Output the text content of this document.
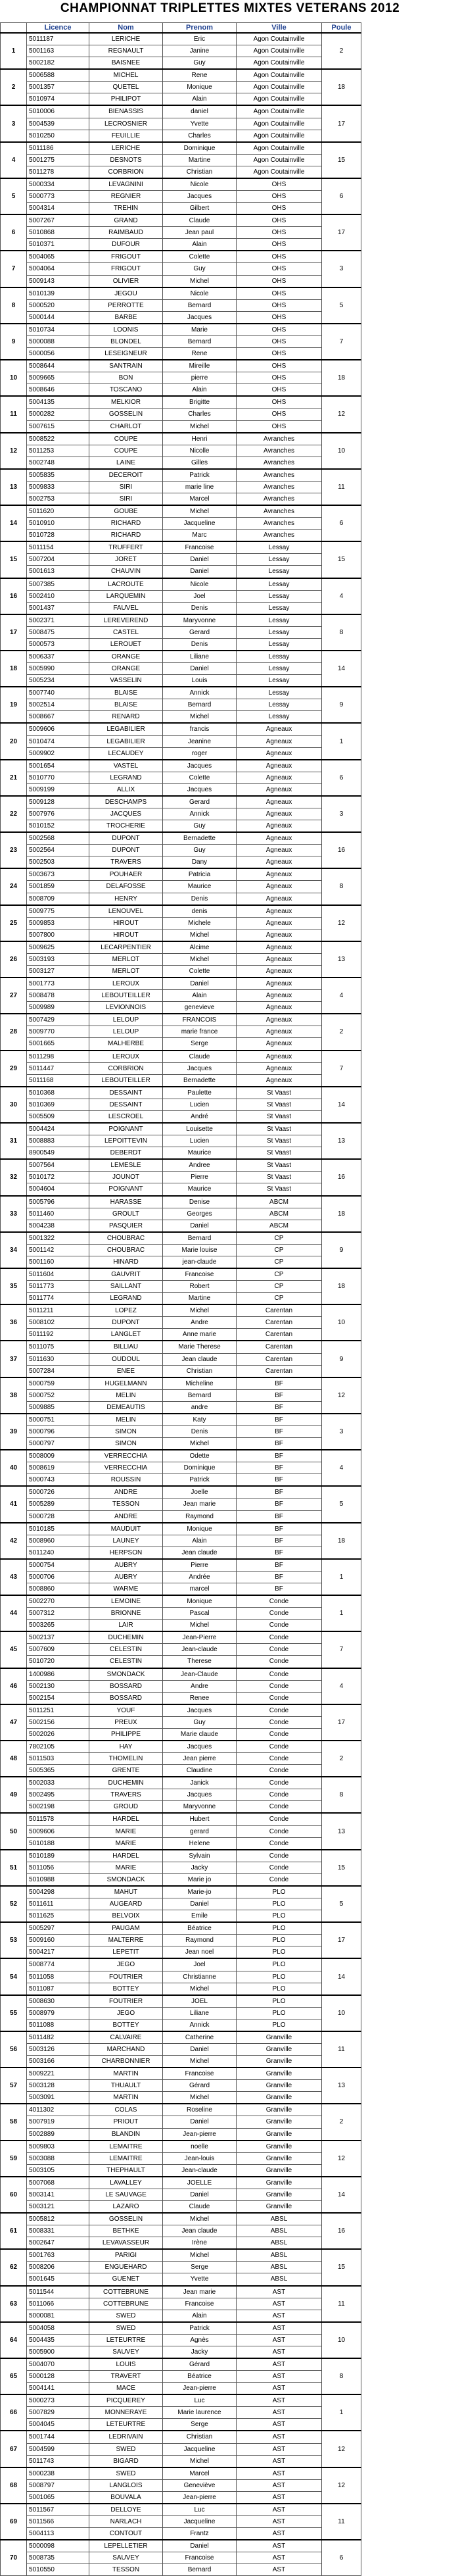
CHAMPIONNAT TRIPLETTES MIXTES VETERANS 2012
	Licence	Nom	Prenom	Ville	Poule	
1	5011187	LERICHE	Eric	Agon Coutainville	2	
	5001163	REGNAULT	Janine	Agon Coutainville		
	5002182	BAISNEE	Guy	Agon Coutainville		
2	5006588	MICHEL	Rene	Agon Coutainville	18	
	5001357	QUETEL	Monique	Agon Coutainville		
	5010974	PHILIPOT	Alain	Agon Coutainville		
3	5010006	BIENASSIS	daniel	Agon Coutainville	17	
	5004539	LECROSNIER	Yvette	Agon Coutainville		
	5010250	FEUILLIE	Charles	Agon Coutainville		
4	5011186	LERICHE	Dominique	Agon Coutainville	15	
	5001275	DESNOTS	Martine	Agon Coutainville		
	5011278	CORBRION	Christian	Agon Coutainville		
5	5000334	LEVAGNINI	Nicole	OHS	6	
	5000773	REGNIER	Jacques	OHS		
	5004314	TREHIN	Gilbert	OHS		
6	5007267	GRAND	Claude	OHS	17	
	5010868	RAIMBAUD	Jean paul	OHS		
	5010371	DUFOUR	Alain	OHS		
7	5004065	FRIGOUT	Colette	OHS	3	
	5004064	FRIGOUT	Guy	OHS		
	5009143	OLIVIER	Michel	OHS		
8	5010139	JEGOU	Nicole	OHS	5	
	5000520	PERROTTE	Bernard	OHS		
	5000144	BARBE	Jacques	OHS		
9	5010734	LOONIS	Marie	OHS	7	
	5000088	BLONDEL	Bernard	OHS		
	5000056	LESEIGNEUR	Rene	OHS		
10	5008644	SANTRAIN	Mireille	OHS	18	
	5009665	BON	pierre	OHS		
	5008646	TOSCANO	Alain	OHS		
11	5004135	MELKIOR	Brigitte	OHS	12	
	5000282	GOSSELIN	Charles	OHS		
	5007615	CHARLOT	Michel	OHS		
12	5008522	COUPE	Henri	Avranches	10	
	5011253	COUPE	Nicolle	Avranches		
	5002748	LAINE	Gilles	Avranches		
13	5005835	DECEROIT	Patrick	Avranches	11	
	5009833	SIRI	marie line	Avranches		
	5002753	SIRI	Marcel	Avranches		
14	5011620	GOUBE	Michel	Avranches	6	
	5010910	RICHARD	Jacqueline	Avranches		
	5010728	RICHARD	Marc	Avranches		
15	5011154	TRUFFERT	Francoise	Lessay	15	
	5007204	JORET	Daniel	Lessay		
	5001613	CHAUVIN	Daniel	Lessay		
16	5007385	LACROUTE	Nicole	Lessay	4	
	5002410	LARQUEMIN	Joel	Lessay		
	5001437	FAUVEL	Denis	Lessay		
17	5002371	LEREVEREND	Maryvonne	Lessay	8	
	5008475	CASTEL	Gerard	Lessay		
	5000573	LEROUET	Denis	Lessay		
18	5006337	ORANGE	Liliane	Lessay	14	
	5005990	ORANGE	Daniel	Lessay		
	5005234	VASSELIN	Louis	Lessay		
19	5007740	BLAISE	Annick	Lessay	9	
	5002514	BLAISE	Bernard	Lessay		
	5008667	RENARD	Michel	Lessay		
20	5009606	LEGABILIER	francis	Agneaux	1	
	5010474	LEGABILIER	Jeanine	Agneaux		
	5009902	LECAUDEY	roger	Agneaux		
21	5001654	VASTEL	Jacques	Agneaux	6	
	5010770	LEGRAND	Colette	Agneaux		
	5009199	ALLIX	Jacques	Agneaux		
22	5009128	DESCHAMPS	Gerard	Agneaux	3	
	5007976	JACQUES	Annick	Agneaux		
	5010152	TROCHERIE	Guy	Agneaux		
23	5002568	DUPONT	Bernadette	Agneaux	16	
	5002564	DUPONT	Guy	Agneaux		
	5002503	TRAVERS	Dany	Agneaux		
24	5003673	POUHAER	Patricia	Agneaux	8	
	5001859	DELAFOSSE	Maurice	Agneaux		
	5008709	HENRY	Denis	Agneaux		
25	5009775	LENOUVEL	denis	Agneaux	12	
	5009853	HIROUT	Michele	Agneaux		
	5007800	HIROUT	Michel	Agneaux		
26	5009625	LECARPENTIER	Alcime	Agneaux	13	
	5003193	MERLOT	Michel	Agneaux		
	5003127	MERLOT	Colette	Agneaux		
27	5001773	LEROUX	Daniel	Agneaux	4	
	5008478	LEBOUTEILLER	Alain	Agneaux		
	5009989	LEVIONNOIS	genevieve	Agneaux		
28	5007429	LELOUP	FRANCOIS	Agneaux	2	
	5009770	LELOUP	marie france	Agneaux		
	5001665	MALHERBE	Serge	Agneaux		
29	5011298	LEROUX	Claude	Agneaux	7	
	5011447	CORBRION	Jacques	Agneaux		
	5011168	LEBOUTEILLER	Bernadette	Agneaux		
30	5010368	DESSAINT	Paulette	St Vaast	14	
	5010369	DESSAINT	Lucien	St Vaast		
	5005509	LESCROEL	André	St Vaast		
31	5004424	POIGNANT	Louisette	St Vaast	13	
	5008883	LEPOITTEVIN	Lucien	St Vaast		
	8900549	DEBERDT	Maurice	St Vaast		
32	5007564	LEMESLE	Andree	St Vaast	16	
	5010172	JOUNOT	Pierre	St Vaast		
	5004604	POIGNANT	Maurice	St Vaast		
33	5005796	HARASSE	Denise	ABCM	18	
	5011460	GROULT	Georges	ABCM		
	5004238	PASQUIER	Daniel	ABCM		
34	5001322	CHOUBRAC	Bernard	CP	9	
	5001142	CHOUBRAC	Marie louise	CP		
	5001160	HINARD	jean-claude	CP		
35	5011604	GAUVRIT	Francoise	CP	18	
	5011773	SAILLANT	Robert	CP		
	5011774	LEGRAND	Martine	CP		
36	5011211	LOPEZ	Michel	Carentan	10	
	5008102	DUPONT	Andre	Carentan		
	5011192	LANGLET	Anne marie	Carentan		
37	5011075	BILLIAU	Marie Therese	Carentan	9	
	5011630	OUDOUL	Jean claude	Carentan		
	5007284	ENEE	Christian	Carentan		
38	5000759	HUGELMANN	Micheline	BF	12	
	5000752	MELIN	Bernard	BF		
	5009885	DEMEAUTIS	andre	BF		
39	5000751	MELIN	Katy	BF	3	
	5000796	SIMON	Denis	BF		
	5000797	SIMON	Michel	BF		
40	5008009	VERRECCHIA	Odette	BF	4	
	5008619	VERRECCHIA	Dominique	BF		
	5000743	ROUSSIN	Patrick	BF		
41	5000726	ANDRE	Joelle	BF	5	
	5005289	TESSON	Jean marie	BF		
	5000728	ANDRE	Raymond	BF		
42	5010185	MAUDUIT	Monique	BF	18	
	5008960	LAUNEY	Alain	BF		
	5011240	HERPSON	Jean claude	BF		
43	5000754	AUBRY	Pierre	BF	1	
	5000706	AUBRY	Andrée	BF		
	5008860	WARME	marcel	BF		
44	5002270	LEMOINE	Monique	Conde	1	
	5007312	BRIONNE	Pascal	Conde		
	5003265	LAIR	Michel	Conde		
45	5002137	DUCHEMIN	Jean-Pierre	Conde	7	
	5007609	CELESTIN	Jean-claude	Conde		
	5010720	CELESTIN	Therese	Conde		
46	1400986	SMONDACK	Jean-Claude	Conde	4	
	5002130	BOSSARD	Andre	Conde		
	5002154	BOSSARD	Renee	Conde		
47	5011251	YOUF	Jacques	Conde	17	
	5002156	PREUX	Guy	Conde		
	5002026	PHILIPPE	Marie claude	Conde		
48	7802105	HAY	Jacques	Conde	2	
	5011503	THOMELIN	Jean pierre	Conde		
	5005365	GRENTE	Claudine	Conde		
49	5002033	DUCHEMIN	Janick	Conde	8	
	5002495	TRAVERS	Jacques	Conde		
	5002198	GROUD	Maryvonne	Conde		
50	5011578	HARDEL	Hubert	Conde	13	
	5009606	MARIE	gerard	Conde		
	5010188	MARIE	Helene	Conde		
51	5010189	HARDEL	Sylvain	Conde	15	
	5011056	MARIE	Jacky	Conde		
	5010988	SMONDACK	Marie jo	Conde		
52	5004298	MAHUT	Marie-jo	PLO	5	
	5011611	AUGEARD	Daniel	PLO		
	5011625	BELVOIX	Emile	PLO		
53	5005297	PAUGAM	Béatrice	PLO	17	
	5009160	MALTERRE	Raymond	PLO		
	5004217	LEPETIT	Jean noel	PLO		
54	5008774	JEGO	Joel	PLO	14	
	5011058	FOUTRIER	Christianne	PLO		
	5011087	BOTTEY	Michel	PLO		
55	5008630	FOUTRIER	JOEL	PLO	10	
	5008979	JEGO	Liliane	PLO		
	5011088	BOTTEY	Annick	PLO		
56	5011482	CALVAIRE	Catherine	Granville	11	
	5003126	MARCHAND	Daniel	Granville		
	5003166	CHARBONNIER	Michel	Granville		
57	5009221	MARTIN	Francoise	Granville	13	
	5003128	THUAULT	Gérard	Granville		
	5003091	MARTIN	Michel	Granville		
58	4011302	COLAS	Roseline	Granville	2	
	5007919	PRIOUT	Daniel	Granville		
	5002889	BLANDIN	Jean-pierre	Granville		
59	5009803	LEMAITRE	noelle	Granville	12	
	5003088	LEMAITRE	Jean-louis	Granville		
	5003105	THEPHAULT	Jean-claude	Granville		
60	5007068	LAVALLEY	JOELLE	Granville	14	
	5003141	LE SAUVAGE	Daniel	Granville		
	5003121	LAZARO	Claude	Granville		
61	5005812	GOSSELIN	Michel	ABSL	16	
	5008331	BETHKE	Jean claude	ABSL		
	5002647	LEVAVASSEUR	Irène	ABSL		
62	5001763	PARIGI	Michel	ABSL	15	
	5008206	ENGUEHARD	Serge	ABSL		
	5001645	GUENET	Yvette	ABSL		
63	5011544	COTTEBRUNE	Jean marie	AST	11	
	5011066	COTTEBRUNE	Francoise	AST		
	5000081	SWED	Alain	AST		
64	5004058	SWED	Patrick	AST	10	
	5004435	LETEURTRE	Agnès	AST		
	5005900	SAUVEY	Jacky	AST		
65	5004070	LOUIS	Gérard	AST	8	
	5000128	TRAVERT	Béatrice	AST		
	5004141	MACE	Jean-pierre	AST		
66	5000273	PICQUEREY	Luc	AST	1	
	5007829	MONNERAYE	Marie laurence	AST		
	5004045	LETEURTRE	Serge	AST		
67	5001744	LEDRIVAIN	Christian	AST	12	
	5004599	SWED	Jacqueline	AST		
	5011743	BIGARD	Michel	AST		
68	5000238	SWED	Marcel	AST	12	
	5008797	LANGLOIS	Geneviève	AST		
	5001065	BOUVALA	Jean-pierre	AST		
69	5011567	DELLOYE	Luc	AST	11	
	5011566	NARLACH	Jacqueline	AST		
	5004113	CONTOUT	Frantz	AST		
70	5000098	LEPELLETIER	Daniel	AST	6	
	5008735	SAUVEY	Francoise	AST		
	5010550	TESSON	Bernard	AST		
